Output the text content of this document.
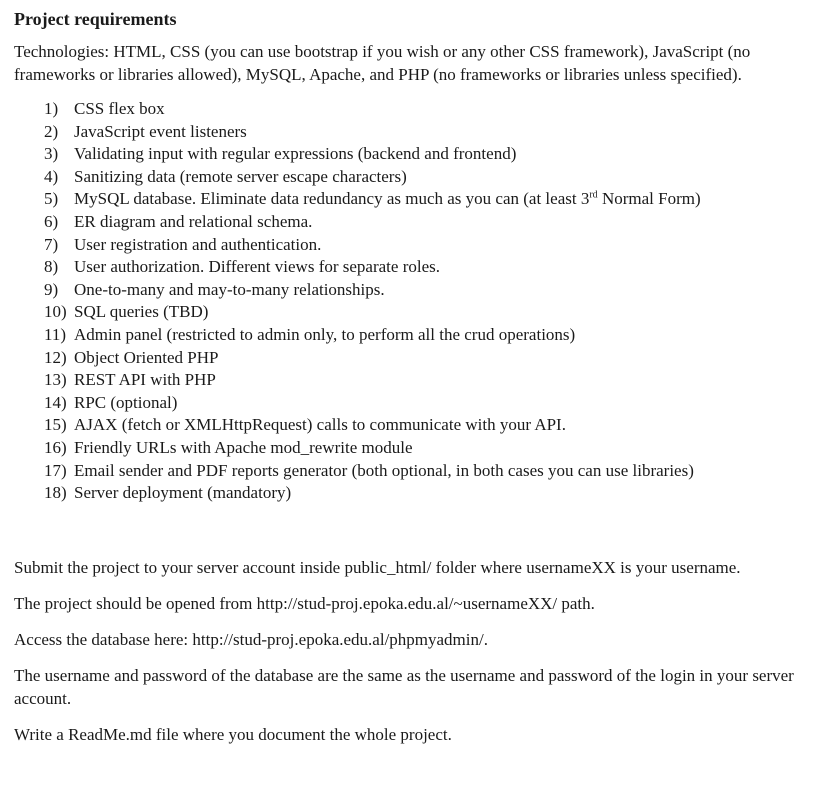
Project requirements

Technologies: HTML, CSS (you can use bootstrap if you wish or any other CSS framework), JavaScript (no frameworks or libraries allowed), MySQL, Apache, and PHP (no frameworks or libraries unless specified).

1) CSS flex box
2) JavaScript event listeners
3) Validating input with regular expressions (backend and frontend)
4) Sanitizing data (remote server escape characters)
5) MySQL database. Eliminate data redundancy as much as you can (at least 3rd Normal Form)
6) ER diagram and relational schema.
7) User registration and authentication.
8) User authorization. Different views for separate roles.
9) One-to-many and may-to-many relationships.
10) SQL queries (TBD)
11) Admin panel (restricted to admin only, to perform all the crud operations)
12) Object Oriented PHP
13) REST API with PHP
14) RPC (optional)
15) AJAX (fetch or XMLHttpRequest) calls to communicate with your API.
16) Friendly URLs with Apache mod_rewrite module
17) Email sender and PDF reports generator (both optional, in both cases you can use libraries)
18) Server deployment (mandatory)

Submit the project to your server account inside public_html/ folder where usernameXX is your username.

The project should be opened from http://stud-proj.epoka.edu.al/~usernameXX/ path.

Access the database here: http://stud-proj.epoka.edu.al/phpmyadmin/.

The username and password of the database are the same as the username and password of the login in your server account.

Write a ReadMe.md file where you document the whole project.
